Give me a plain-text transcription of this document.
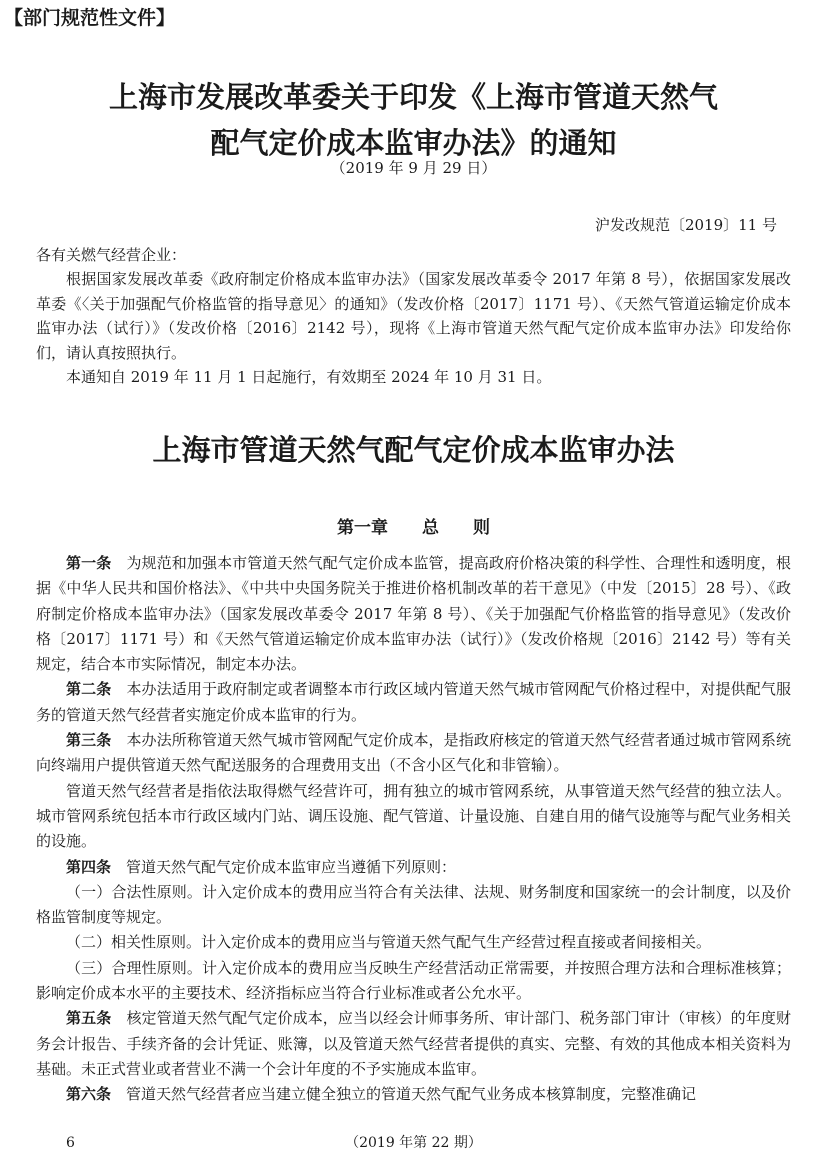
【部门规范性文件】
上海市发展改革委关于印发《上海市管道天然气
配气定价成本监审办法》的通知
（2019 年 9 月 29 日）
沪发改规范〔2019〕11 号

各有关燃气经营企业：

根据国家发展改革委《政府制定价格成本监审办法》（国家发展改革委令 2017 年第 8 号），依据国家发展改革委《〈关于加强配气价格监管的指导意见〉的通知》（发改价格〔2017〕1171 号）、《天然气管道运输定价成本监审办法（试行）》（发改价格〔2016〕2142 号），现将《上海市管道天然气配气定价成本监审办法》印发给你们，请认真按照执行。

本通知自 2019 年 11 月 1 日起施行，有效期至 2024 年 10 月 31 日。

上海市管道天然气配气定价成本监审办法
第一章　　总　　则

第一条　 为规范和加强本市管道天然气配气定价成本监管，提高政府价格决策的科学性、合理性和透明度，根据《中华人民共和国价格法》、《中共中央国务院关于推进价格机制改革的若干意见》（中发〔2015〕28 号）、《政府制定价格成本监审办法》（国家发展改革委令 2017 年第 8 号）、《关于加强配气价格监管的指导意见》（发改价格〔2017〕1171 号）和《天然气管道运输定价成本监审办法（试行）》（发改价格规〔2016〕2142 号）等有关规定，结合本市实际情况，制定本办法。

第二条　 本办法适用于政府制定或者调整本市行政区域内管道天然气城市管网配气价格过程中，对提供配气服务的管道天然气经营者实施定价成本监审的行为。

第三条　 本办法所称管道天然气城市管网配气定价成本，是指政府核定的管道天然气经营者通过城市管网系统向终端用户提供管道天然气配送服务的合理费用支出（不含小区气化和非管输）。

管道天然气经营者是指依法取得燃气经营许可，拥有独立的城市管网系统，从事管道天然气经营的独立法人。城市管网系统包括本市行政区域内门站、调压设施、配气管道、计量设施、自建自用的储气设施等与配气业务相关的设施。

第四条　 管道天然气配气定价成本监审应当遵循下列原则：

（一）合法性原则。计入定价成本的费用应当符合有关法律、法规、财务制度和国家统一的会计制度，以及价格监管制度等规定。

（二）相关性原则。计入定价成本的费用应当与管道天然气配气生产经营过程直接或者间接相关。

（三）合理性原则。计入定价成本的费用应当反映生产经营活动正常需要，并按照合理方法和合理标准核算；影响定价成本水平的主要技术、经济指标应当符合行业标准或者公允水平。

第五条　 核定管道天然气配气定价成本，应当以经会计师事务所、审计部门、税务部门审计（审核）的年度财务会计报告、手续齐备的会计凭证、账簿，以及管道天然气经营者提供的真实、完整、有效的其他成本相关资料为基础。未正式营业或者营业不满一个会计年度的不予实施成本监审。

第六条　 管道天然气经营者应当建立健全独立的管道天然气配气业务成本核算制度，完整准确记

6	（2019 年第 22 期）
